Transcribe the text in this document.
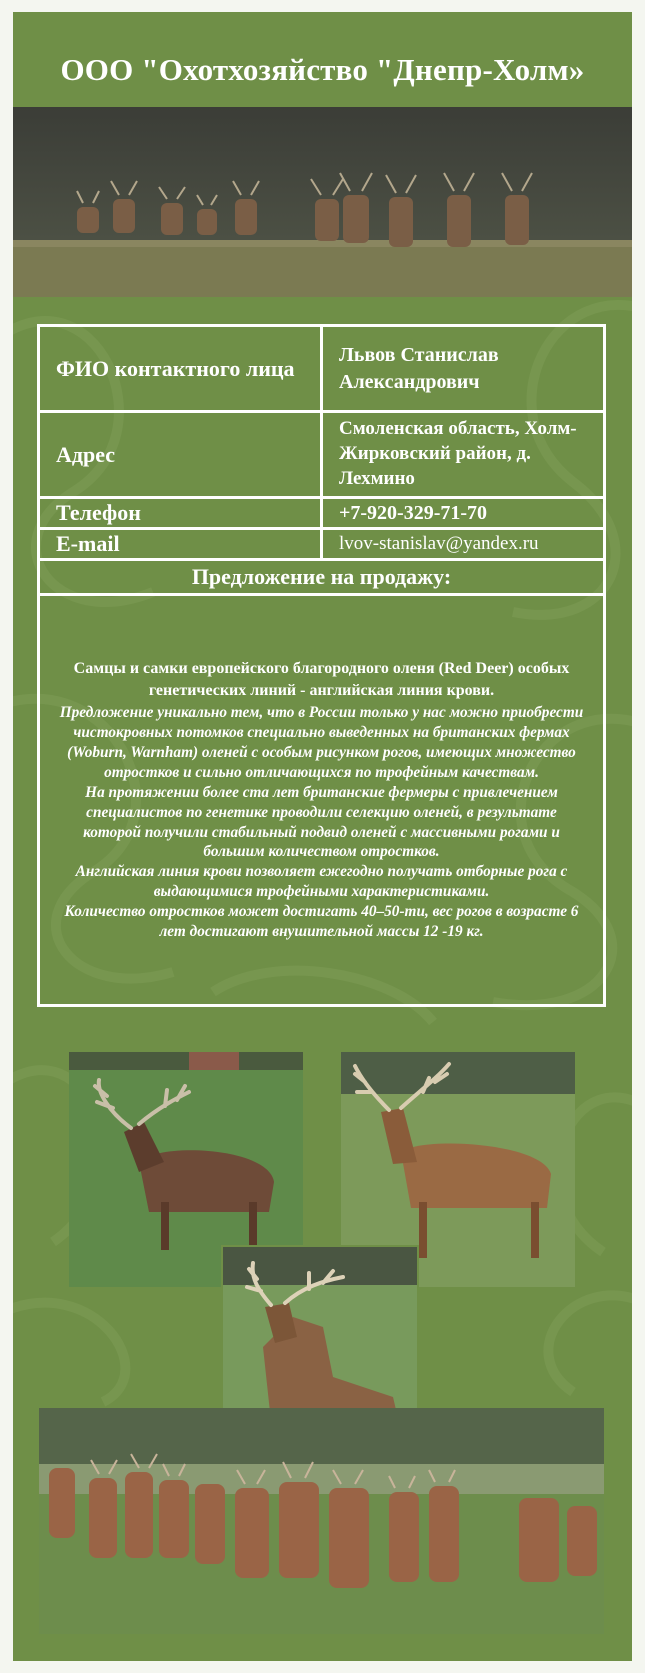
ООО "Охотхозяйство "Днепр-Холм»
ФИО контактного лица	Львов Станислав Александрович
Адрес	Смоленская область, Холм-Жирковский район, д. Лехмино
Телефон	+7-920-329-71-70
E-mail	lvov-stanislav@yandex.ru
Предложение на продажу:	

Самцы и самки европейского благородного оленя (Red Deer) особых генетических линий - английская линия крови.

Предложение уникально тем, что в России только у нас можно приобрести чистокровных потомков специально выведенных на британских фермах (Woburn, Warnham) оленей с особым рисунком рогов, имеющих множество отростков и сильно отличающихся по трофейным качествам.

На протяжении более ста лет британские фермеры с привлечением специалистов по генетике проводили селекцию оленей, в результате которой получили стабильный подвид оленей с массивными рогами и большим количеством отростков.

Английская линия крови позволяет ежегодно получать отборные рога с выдающимися трофейными характеристиками.

Количество отростков может достигать 40–50-ти, вес рогов в возрасте 6 лет достигают внушительной массы 12 -19 кг.	
